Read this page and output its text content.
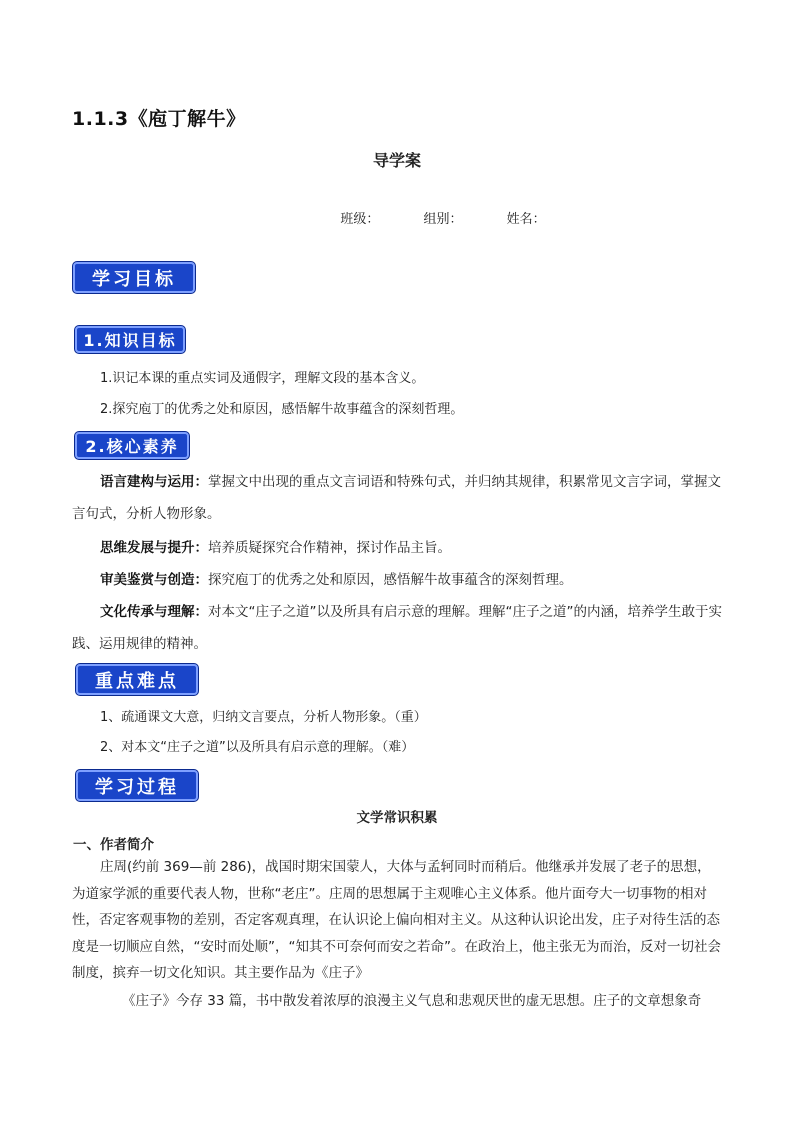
1.1.3《庖丁解牛》
导学案
班级：	组别：	姓名：
学习目标
1.知识目标
1.识记本课的重点实词及通假字，理解文段的基本含义。
2.探究庖丁的优秀之处和原因，感悟解牛故事蕴含的深刻哲理。
2.核心素养
语言建构与运用：掌握文中出现的重点文言词语和特殊句式，并归纳其规律，积累常见文言字词，掌握文言句式，分析人物形象。
思维发展与提升：培养质疑探究合作精神，探讨作品主旨。
审美鉴赏与创造：探究庖丁的优秀之处和原因，感悟解牛故事蕴含的深刻哲理。
文化传承与理解：对本文“庄子之道”以及所具有启示意的理解。理解“庄子之道”的内涵，培养学生敢于实践、运用规律的精神。
重点难点
1、疏通课文大意，归纳文言要点，分析人物形象。（重）
2、对本文“庄子之道”以及所具有启示意的理解。（难）
学习过程
文学常识积累
一、作者简介
庄周(约前 369—前 286)，战国时期宋国蒙人，大体与孟轲同时而稍后。他继承并发展了老子的思想，为道家学派的重要代表人物，世称“老庄”。庄周的思想属于主观唯心主义体系。他片面夸大一切事物的相对性，否定客观事物的差别，否定客观真理，在认识论上偏向相对主义。从这种认识论出发，庄子对待生活的态度是一切顺应自然，“安时而处顺”，“知其不可奈何而安之若命”。在政治上，他主张无为而治，反对一切社会制度，摈弃一切文化知识。其主要作品为《庄子》
《庄子》今存 33 篇，书中散发着浓厚的浪漫主义气息和悲观厌世的虚无思想。庄子的文章想象奇
